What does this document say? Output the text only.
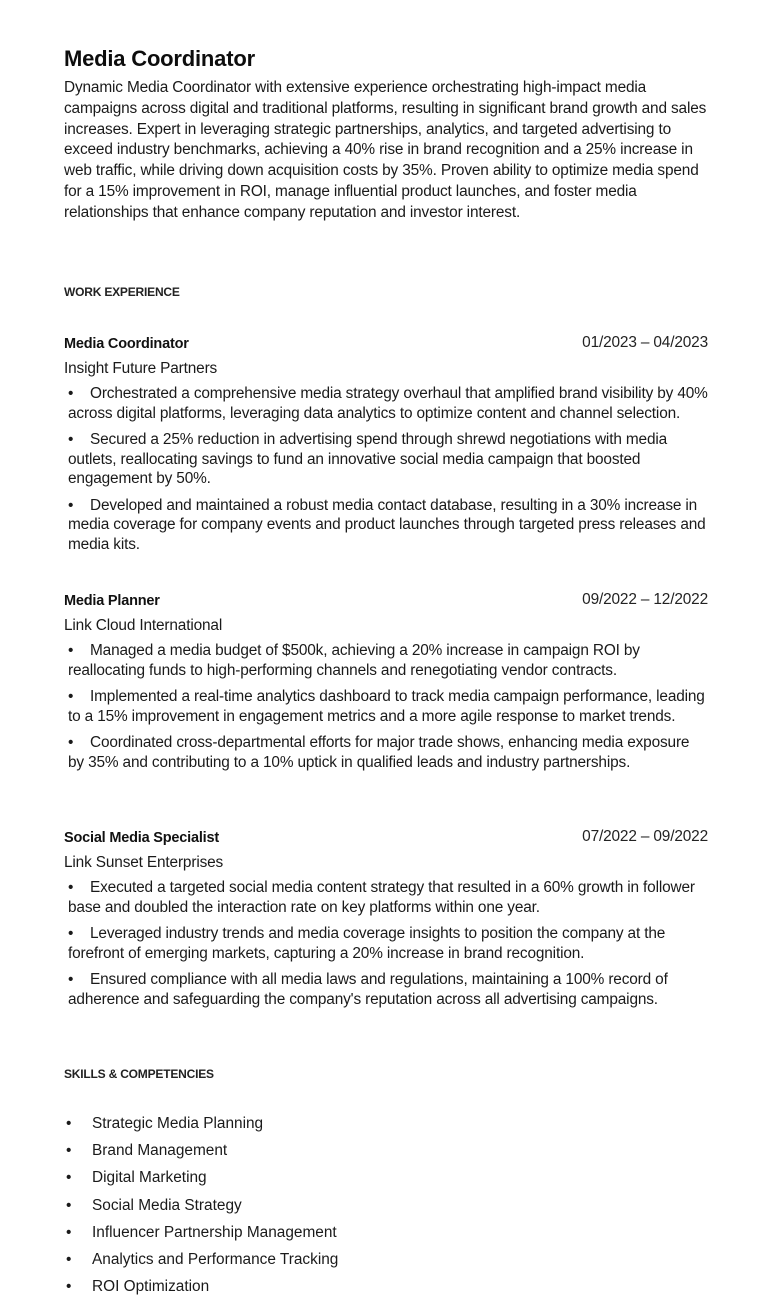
Media Coordinator

Dynamic Media Coordinator with extensive experience orchestrating high-impact media campaigns across digital and traditional platforms, resulting in significant brand growth and sales increases. Expert in leveraging strategic partnerships, analytics, and targeted advertising to exceed industry benchmarks, achieving a 40% rise in brand recognition and a 25% increase in web traffic, while driving down acquisition costs by 35%. Proven ability to optimize media spend for a 15% improvement in ROI, manage influential product launches, and foster media relationships that enhance company reputation and investor interest.

WORK EXPERIENCE
Media Coordinator	01/2023 – 04/2023
Insight Future Partners
• Orchestrated a comprehensive media strategy overhaul that amplified brand visibility by 40% across digital platforms, leveraging data analytics to optimize content and channel selection.
• Secured a 25% reduction in advertising spend through shrewd negotiations with media outlets, reallocating savings to fund an innovative social media campaign that boosted engagement by 50%.
• Developed and maintained a robust media contact database, resulting in a 30% increase in media coverage for company events and product launches through targeted press releases and media kits.
Media Planner	09/2022 – 12/2022
Link Cloud International
• Managed a media budget of $500k, achieving a 20% increase in campaign ROI by reallocating funds to high-performing channels and renegotiating vendor contracts.
• Implemented a real-time analytics dashboard to track media campaign performance, leading to a 15% improvement in engagement metrics and a more agile response to market trends.
• Coordinated cross-departmental efforts for major trade shows, enhancing media exposure by 35% and contributing to a 10% uptick in qualified leads and industry partnerships.
Social Media Specialist	07/2022 – 09/2022
Link Sunset Enterprises
• Executed a targeted social media content strategy that resulted in a 60% growth in follower base and doubled the interaction rate on key platforms within one year.
• Leveraged industry trends and media coverage insights to position the company at the forefront of emerging markets, capturing a 20% increase in brand recognition.
• Ensured compliance with all media laws and regulations, maintaining a 100% record of adherence and safeguarding the company's reputation across all advertising campaigns.
SKILLS & COMPETENCIES
• Strategic Media Planning
• Brand Management
• Digital Marketing
• Social Media Strategy
• Influencer Partnership Management
• Analytics and Performance Tracking
• ROI Optimization
